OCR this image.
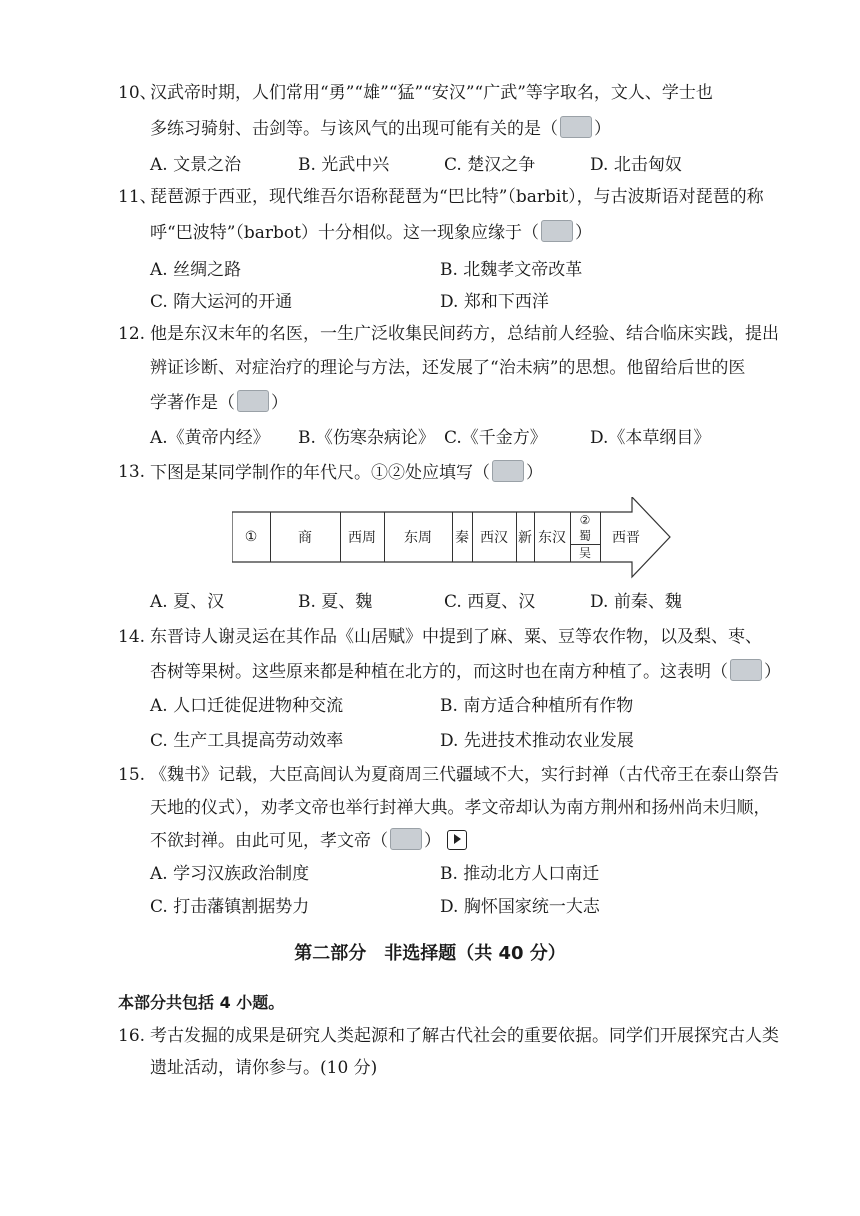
10、
汉武帝时期，人们常用“勇”“雄”“猛”“安汉”“广武”等字取名，文人、学士也
多练习骑射、击剑等。与该风气的出现可能有关的是（ ）
A. 文景之治	B. 光武中兴	C. 楚汉之争	D. 北击匈奴
11、
琵琶源于西亚，现代维吾尔语称琵琶为“巴比特”（barbit），与古波斯语对琵琶的称
呼“巴波特”（barbot）十分相似。这一现象应缘于（ ）
A. 丝绸之路	B. 北魏孝文帝改革
C. 隋大运河的开通	D. 郑和下西洋
12. 他是东汉末年的名医，一生广泛收集民间药方，总结前人经验、结合临床实践，提出
辨证诊断、对症治疗的理论与方法，还发展了“治未病”的思想。他留给后世的医
学著作是（ ）
A.《黄帝内经》 B.《伤寒杂病论》 C.《千金方》	D.《本草纲目》
13. 下图是某同学制作的年代尺。①②处应填写（ ）
①	商	西周	东周	秦 西汉 新 东汉
②
蜀
吴
西晋
A. 夏、汉	B. 夏、魏	C. 西夏、汉	D. 前秦、魏
14. 东晋诗人谢灵运在其作品《山居赋》中提到了麻、粟、豆等农作物，以及梨、枣、
杏树等果树。这些原来都是种植在北方的，而这时也在南方种植了。这表明（ ）
A. 人口迁徙促进物种交流	B. 南方适合种植所有作物
C. 生产工具提高劳动效率	D. 先进技术推动农业发展
15. 《魏书》记载，大臣高闾认为夏商周三代疆域不大，实行封禅（古代帝王在泰山祭告
天地的仪式），劝孝文帝也举行封禅大典。孝文帝却认为南方荆州和扬州尚未归顺，
不欲封禅。由此可见，孝文帝（ ）
A. 学习汉族政治制度	B. 推动北方人口南迁
C. 打击藩镇割据势力	D. 胸怀国家统一大志
第二部分　非选择题（共 40 分）
本部分共包括 4 小题。
16. 考古发掘的成果是研究人类起源和了解古代社会的重要依据。同学们开展探究古人类
遗址活动，请你参与。(10 分)
